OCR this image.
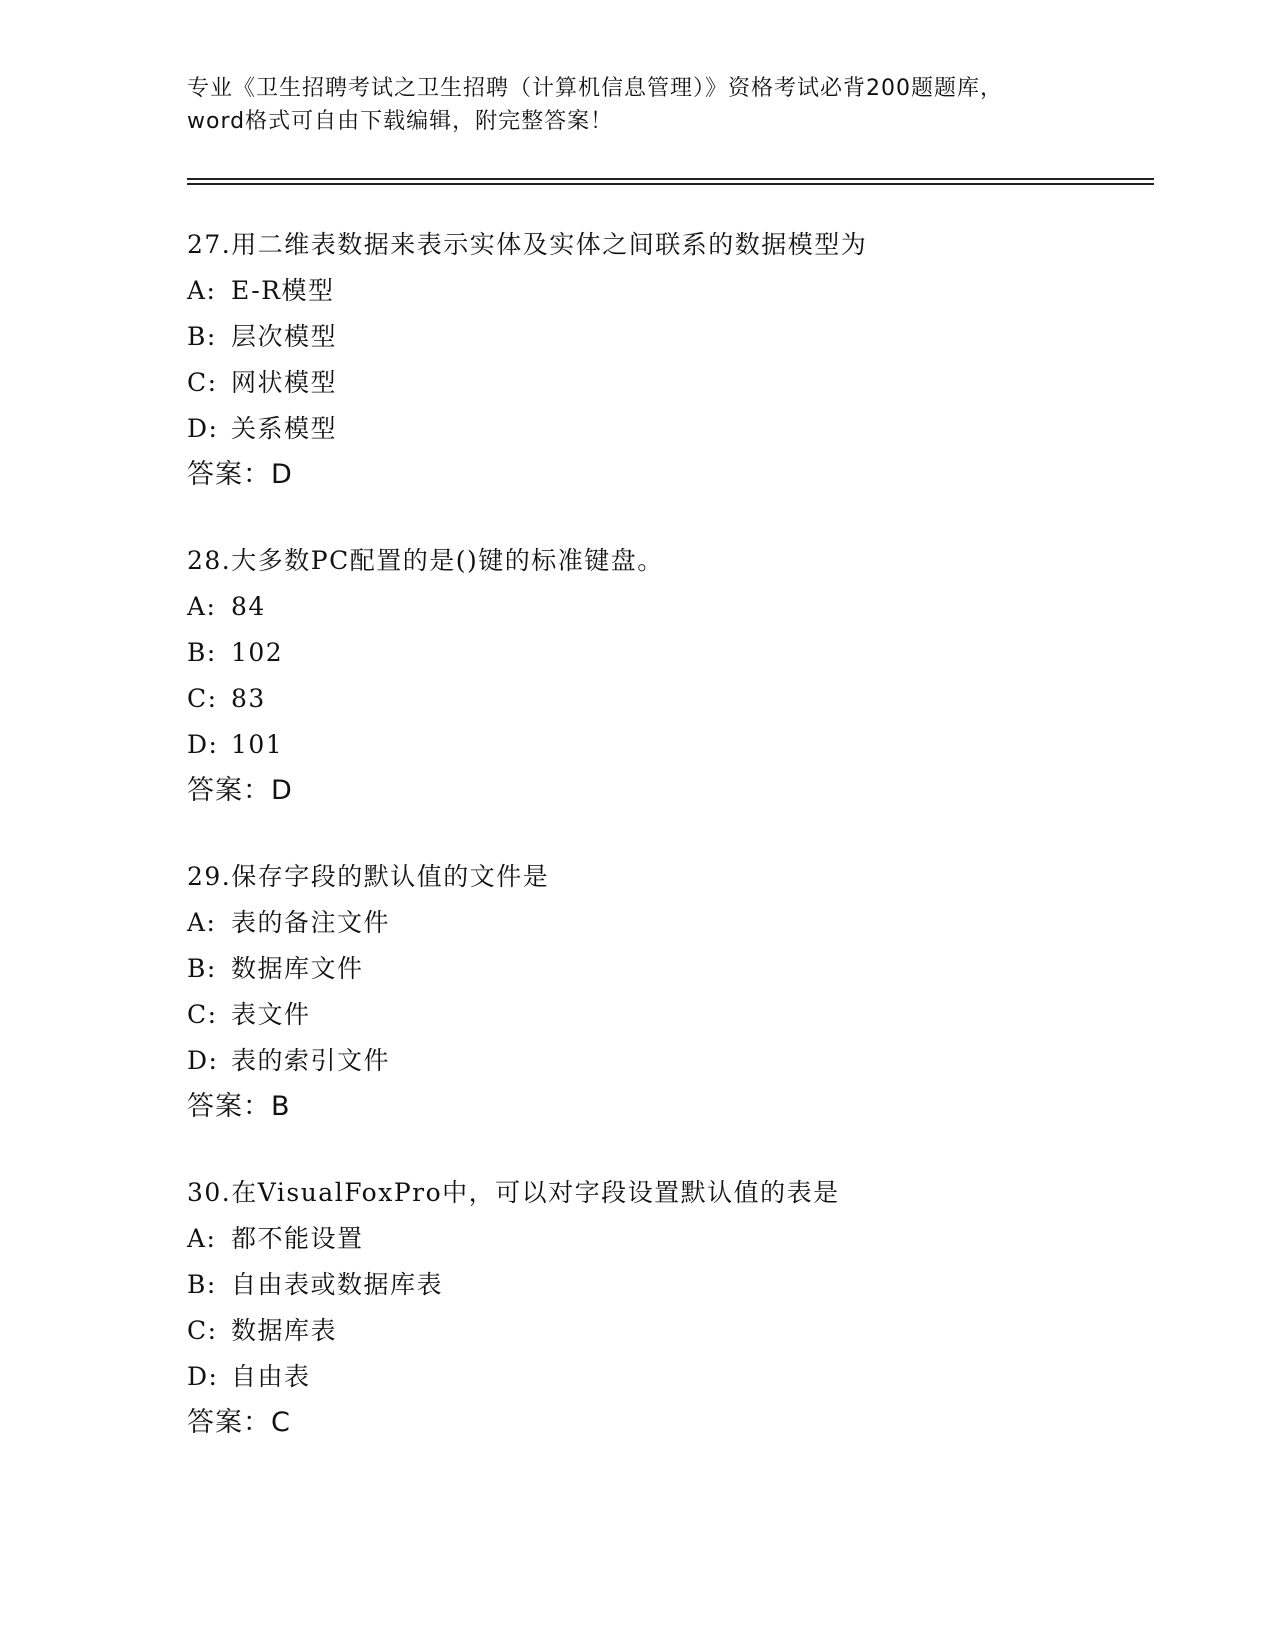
专业《卫生招聘考试之卫生招聘（计算机信息管理）》资格考试必背200题题库，
word格式可自由下载编辑，附完整答案！
27.用二维表数据来表示实体及实体之间联系的数据模型为
A: E-R模型
B: 层次模型
C: 网状模型
D: 关系模型
答案：D
28.大多数PC配置的是()键的标准键盘。
A: 84
B: 102
C: 83
D: 101
答案：D
29.保存字段的默认值的文件是
A: 表的备注文件
B: 数据库文件
C: 表文件
D: 表的索引文件
答案：B
30.在VisualFoxPro中，可以对字段设置默认值的表是
A: 都不能设置
B: 自由表或数据库表
C: 数据库表
D: 自由表
答案：C
